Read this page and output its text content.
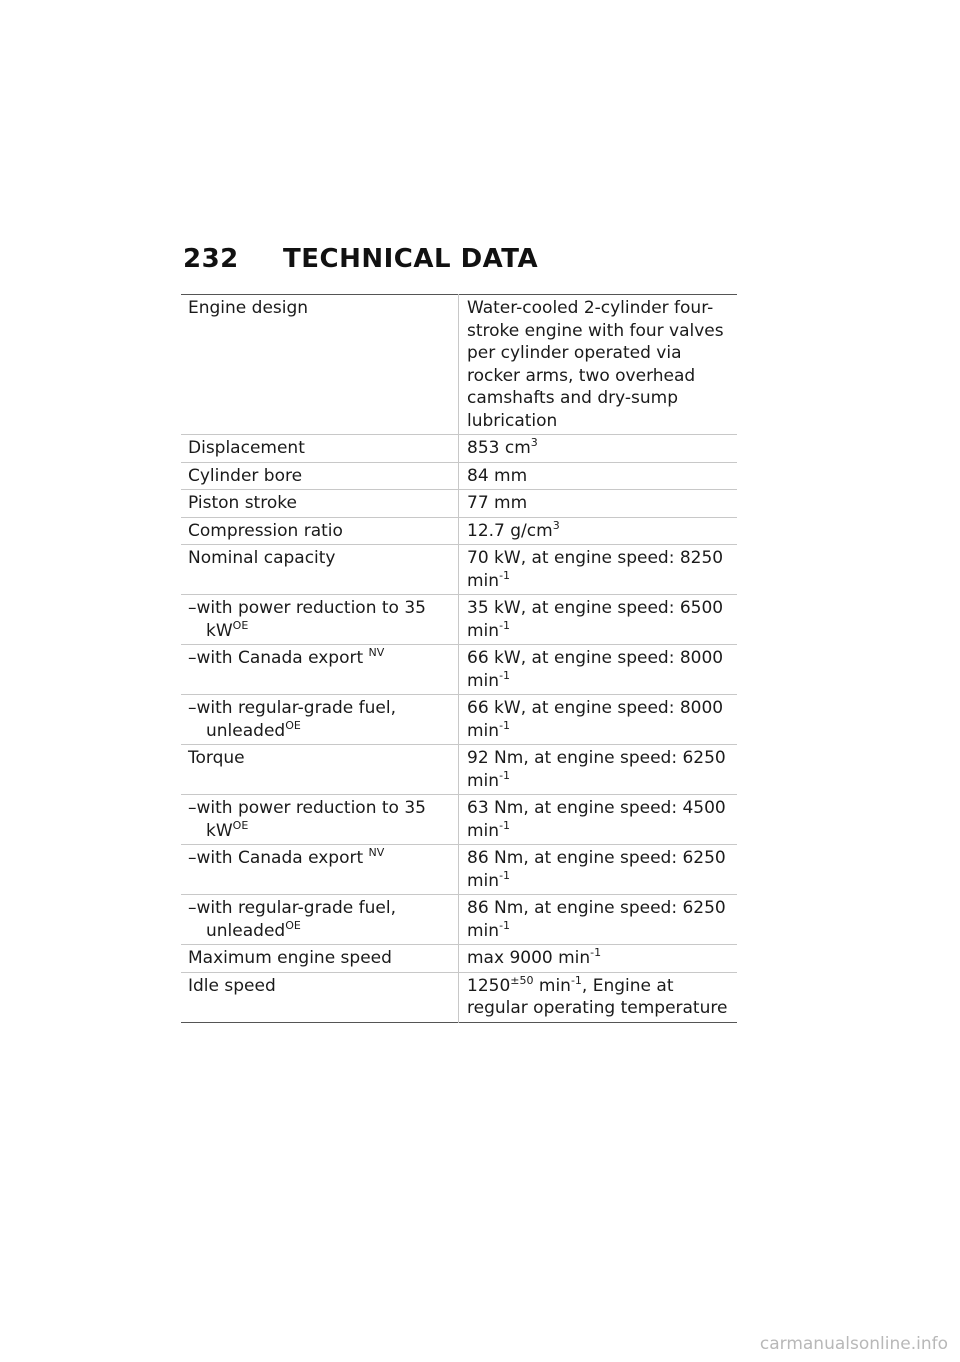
232 TECHNICAL DATA
Engine design	Water-cooled 2-cylinder four-stroke engine with four valves per cylinder operated via rocker arms, two overhead camshafts and dry-sump lubrication
Displacement	853 $cm^3$
Cylinder bore	84 mm
Piston stroke	77 mm
Compression ratio	12.7 $g/cm^3$
Nominal capacity	70 kW, at engine speed: 8250 $\min^{-1}$

–with power reduction to 35 $kW^{OE}$	35 kW, at engine speed: 6500 $\min^{-1}$

–with Canada export $^{NV}$	66 kW, at engine speed: 8000 $\min^{-1}$

–with regular-grade fuel, unleaded$^{OE}$	66 kW, at engine speed: 8000 $\min^{-1}$
Torque	92 Nm, at engine speed: 6250 $\min^{-1}$

–with power reduction to 35 $kW^{OE}$	63 Nm, at engine speed: 4500 $\min^{-1}$

–with Canada export $^{NV}$	86 Nm, at engine speed: 6250 $\min^{-1}$

–with regular-grade fuel, unleaded$^{OE}$	86 Nm, at engine speed: 6250 $\min^{-1}$
Maximum engine speed	max 9000 $\min^{-1}$
Idle speed	$1250^{\pm 50}$ $\min^{-1}$, Engine at regular operating temperature
carmanualsonline.info
